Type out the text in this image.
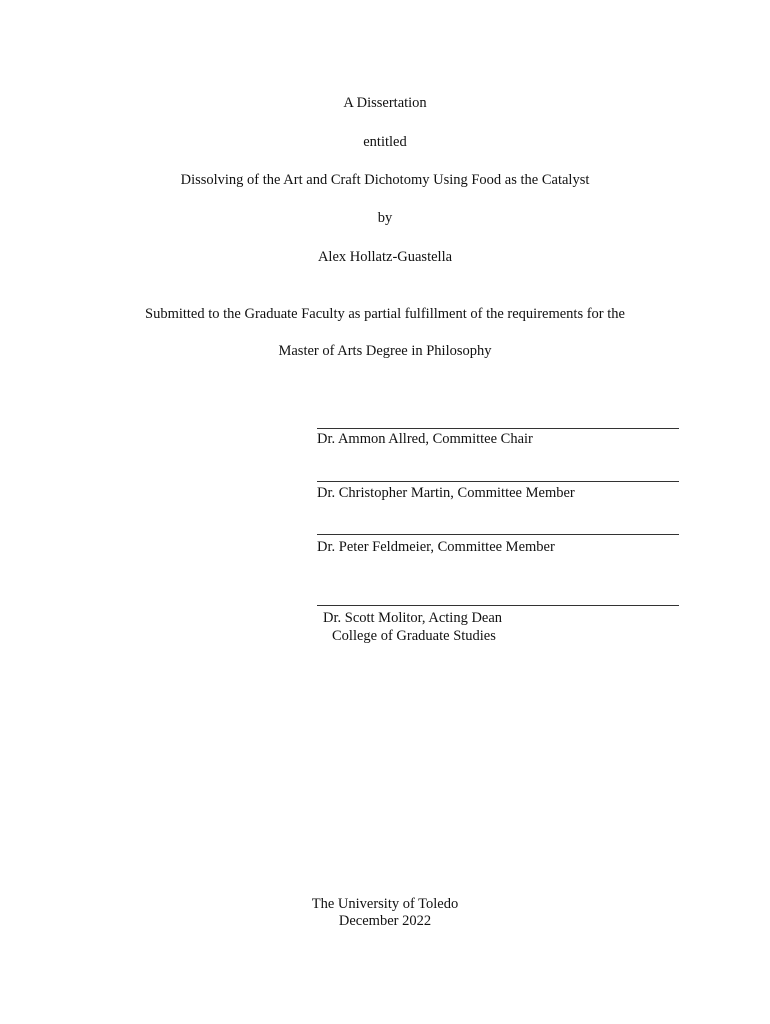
A Dissertation
entitled
Dissolving of the Art and Craft Dichotomy Using Food as the Catalyst
by
Alex Hollatz-Guastella
Submitted to the Graduate Faculty as partial fulfillment of the requirements for the
Master of Arts Degree in Philosophy
Dr. Ammon Allred, Committee Chair
Dr. Christopher Martin, Committee Member
Dr. Peter Feldmeier, Committee Member
Dr. Scott Molitor, Acting Dean
College of Graduate Studies
The University of Toledo
December 2022
